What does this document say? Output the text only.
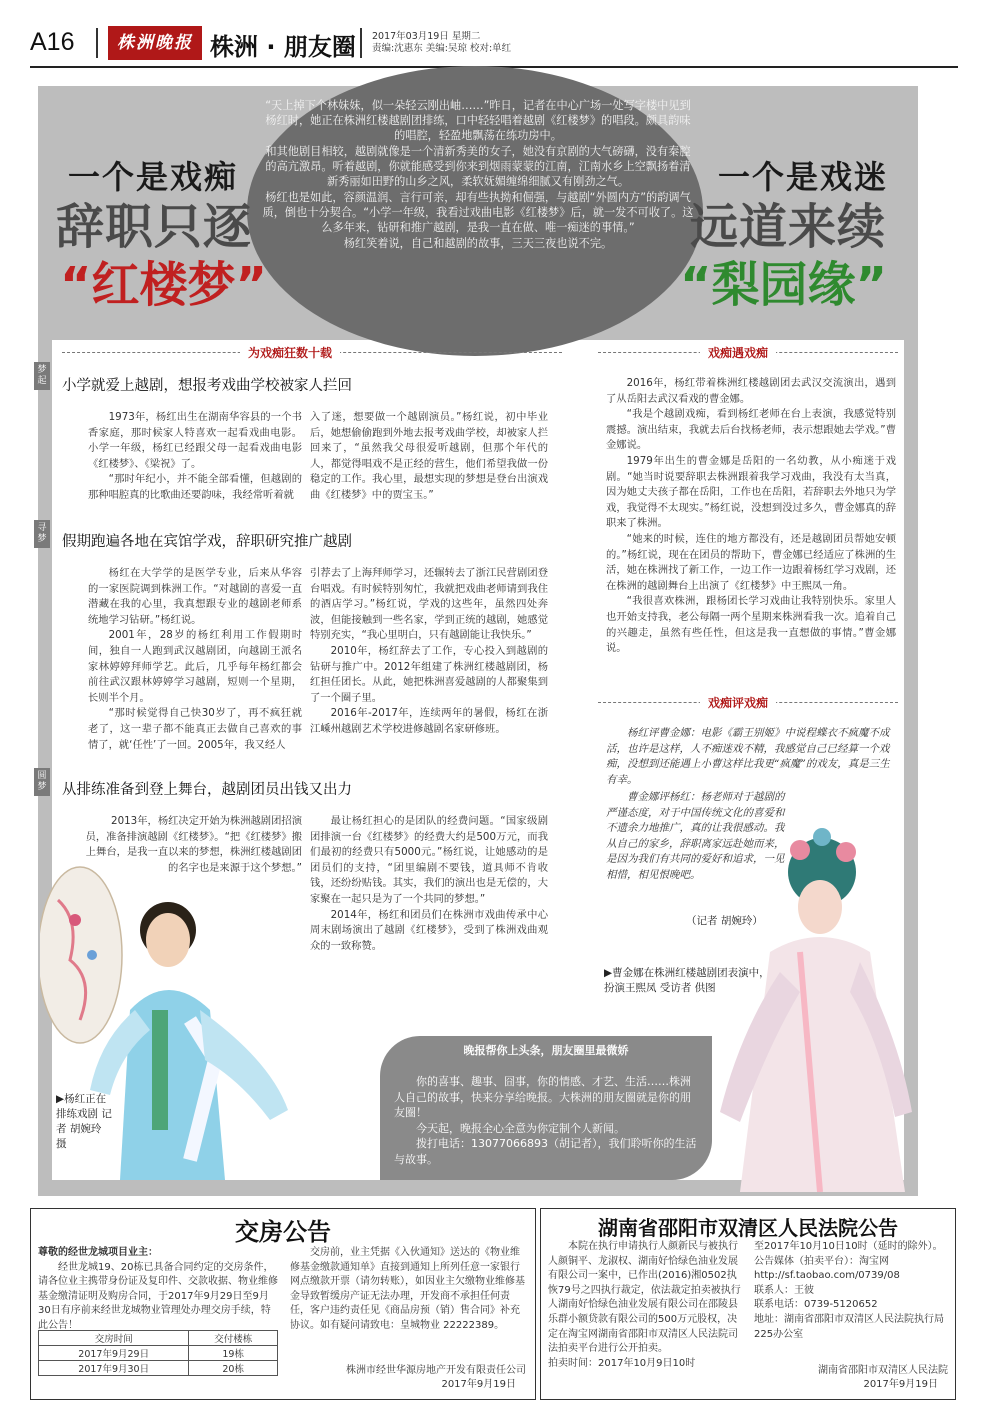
A16	株洲晚报 株洲 · 朋友圈 2017年03月19日 星期二
责编:沈惠东 美编:吴琼 校对:单红

“天上掉下个林妹妹，似一朵轻云刚出岫……”昨日，记者在中心广场一处写字楼中见到杨红时，她正在株洲红楼越剧团排练，口中轻轻唱着越剧《红楼梦》的唱段。颇具韵味的唱腔，轻盈地飘荡在练功房中。

和其他剧目相较，越剧就像是一个清新秀美的女子，她没有京剧的大气磅礴，没有秦腔的高亢激昂。听着越剧，你就能感受到你来到烟雨蒙蒙的江南，江南水乡上空飘扬着清新秀丽如田野的山乡之风，柔软妩媚缠绵细腻又有刚劲之气。

杨红也是如此，容颜温润、言行可亲，却有些执拗和倔强，与越剧“外圆内方”的韵调气质，倒也十分契合。“小学一年级，我看过戏曲电影《红楼梦》后，就一发不可收了。这么多年来，钻研和推广越剧，是我一直在做、唯一痴迷的事情。”

杨红笑着说，自己和越剧的故事，三天三夜也说不完。

一个是戏痴
辞职只逐
“红楼梦”
一个是戏迷
远道来续
“梨园缘”
为戏痴狂数十载
梦起 小学就爱上越剧，想报考戏曲学校被家人拦回

1973年，杨红出生在湖南华容县的一个书香家庭，那时候家人特喜欢一起看戏曲电影。小学一年级，杨红已经跟父母一起看戏曲电影《红楼梦》、《梁祝》了。

“那时年纪小，并不能全部看懂，但越剧的那种唱腔真的比歌曲还要韵味，我经常听着就

入了迷，想要做一个越剧演员。”杨红说，初中毕业后，她想偷偷跑到外地去报考戏曲学校，却被家人拦回来了，“虽然我父母很爱听越剧，但那个年代的人，都觉得唱戏不是正经的营生，他们希望我做一份稳定的工作。我心里，最想实现的梦想是登台出演戏曲《红楼梦》中的贾宝玉。”

寻梦 假期跑遍各地在宾馆学戏，辞职研究推广越剧

杨红在大学学的是医学专业，后来从华容的一家医院调到株洲工作。“对越剧的喜爱一直潜藏在我的心里，我真想跟专业的越剧老师系统地学习钻研。”杨红说。

2001年，28岁的杨红利用工作假期时间，独自一人跑到武汉越剧团，向越剧王派名家林婷婷拜师学艺。此后，几乎每年杨红都会前往武汉跟林婷婷学习越剧，短则一个星期，长则半个月。

“那时候觉得自己快30岁了，再不疯狂就老了，这一辈子都不能真正去做自己喜欢的事情了，就‘任性’了一回。2005年，我又经人

引荐去了上海拜师学习，还辗转去了浙江民营剧团登台唱戏。有时候特别匆忙，我就把戏曲老师请到我住的酒店学习。”杨红说，学戏的这些年，虽然四处奔波，但能接触到一些名家，学到正统的越剧，她感觉特别充实，“我心里明白，只有越剧能让我快乐。”

2010年，杨红辞去了工作，专心投入到越剧的钻研与推广中。2012年组建了株洲红楼越剧团，杨红担任团长。从此，她把株洲喜爱越剧的人都聚集到了一个圈子里。

2016年-2017年，连续两年的暑假，杨红在浙江嵊州越剧艺术学校进修越剧名家研修班。

圆梦 从排练准备到登上舞台，越剧团员出钱又出力

2013年，杨红决定开始为株洲越剧团招演员，准备排演越剧《红楼梦》。“把《红楼梦》搬上舞台，是我一直以来的梦想，株洲红楼越剧团的名字也是来源于这个梦想。”

最让杨红担心的是团队的经费问题。“国家级剧团排演一台《红楼梦》的经费大约是500万元，而我们最初的经费只有5000元。”杨红说，让她感动的是团员们的支持，“团里编剧不要钱，道具师不肯收钱，还纷纷贴钱。其实，我们的演出也是无偿的，大家聚在一起只是为了一个共同的梦想。”

2014年，杨红和团员们在株洲市戏曲传承中心周末剧场演出了越剧《红楼梦》，受到了株洲戏曲观众的一致称赞。

▶杨红正在排练戏剧 记者 胡婉玲 摄
戏痴遇戏痴

2016年，杨红带着株洲红楼越剧团去武汉交流演出，遇到了从岳阳去武汉看戏的曹金娜。

“我是个越剧戏痴，看到杨红老师在台上表演，我感觉特别震撼。演出结束，我就去后台找杨老师，表示想跟她去学戏。”曹金娜说。

1979年出生的曹金娜是岳阳的一名幼教，从小痴迷于戏剧。“她当时说要辞职去株洲跟着我学习戏曲，我没有太当真，因为她丈夫孩子都在岳阳，工作也在岳阳，若辞职去外地只为学戏，我觉得不太现实。”杨红说，没想到没过多久，曹金娜真的辞职来了株洲。

“她来的时候，连住的地方都没有，还是越剧团员帮她安顿的。”杨红说，现在在团员的帮助下，曹金娜已经适应了株洲的生活，她在株洲找了新工作，一边工作一边跟着杨红学习戏剧，还在株洲的越剧舞台上出演了《红楼梦》中王熙凤一角。

“我很喜欢株洲，跟杨团长学习戏曲让我特别快乐。家里人也开始支持我，老公每隔一两个星期来株洲看我一次。追着自己的兴趣走，虽然有些任性，但这是我一直想做的事情。”曹金娜说。

戏痴评戏痴

杨红评曹金娜：电影《霸王别姬》中说程蝶衣不疯魔不成活，也许是这样，人不痴迷戏不精，我感觉自己已经算一个戏痴，没想到还能遇上小曹这样比我更“疯魔”的戏友，真是三生有幸。

曹金娜评杨红：杨老师对于越剧的严谨态度，对于中国传统文化的喜爱和不遗余力地推广，真的让我很感动。我从自己的家乡，辞职离家远赴她而来，是因为我们有共同的爱好和追求，一见相惜，相见恨晚吧。

（记者 胡婉玲）
▶曹金娜在株洲红楼越剧团表演中，扮演王熙凤 受访者 供图
晚报帮你上头条，朋友圈里最微娇

你的喜事、趣事、囧事，你的情感、才艺、生活……株洲人自己的故事，快来分享给晚报。大株洲的朋友圈就是你的朋友圈！

今天起，晚报全心全意为你定制个人新闻。

拨打电话：13077066893（胡记者），我们聆听你的生活与故事。

交房公告

尊敬的经世龙城项目业主：

经世龙城19、20栋已具备合同约定的交房条件，请各位业主携带身份证及复印件、交款收据、物业维修基金缴清证明及购房合同，于2017年9月29日至9月30日有序前来经世龙城物业管理处办理交房手续，特此公告！

交房时间	交付楼栋
2017年9月29日	19栋
2017年9月30日	20栋

交房前，业主凭据《入伙通知》送达的《物业维修基金缴款通知单》直接到通知上所列任意一家银行网点缴款开票（请勿转账），如因业主欠缴物业维修基金导致暂缓房产证无法办理，开发商不承担任何责任，客户违约责任见《商品房预（销）售合同》补充协议。如有疑问请致电：皇城物业 22222389。

株洲市经世华源房地产开发有限责任公司
2017年9月19日
湖南省邵阳市双清区人民法院公告

本院在执行申请执行人颜新民与被执行人颜铜平、龙淑权、湖南好恰绿色油业发展有限公司一案中，已作出(2016)湘0502执恢79号之四执行裁定，依法裁定拍卖被执行人湖南好恰绿色油业发展有限公司在邵陵县乐群小额贷款有限公司的500万元股权，决定在淘宝网湖南省邵阳市双清区人民法院司法拍卖平台进行公开拍卖。

拍卖时间：2017年10月9日10时

至2017年10月10日10时（延时的除外）。

公告媒体（拍卖平台）：淘宝网 http://sf.taobao.com/0739/08

联系人：王彼

联系电话：0739-5120652

地址：湖南省邵阳市双清区人民法院执行局225办公室

湖南省邵阳市双清区人民法院
2017年9月19日
